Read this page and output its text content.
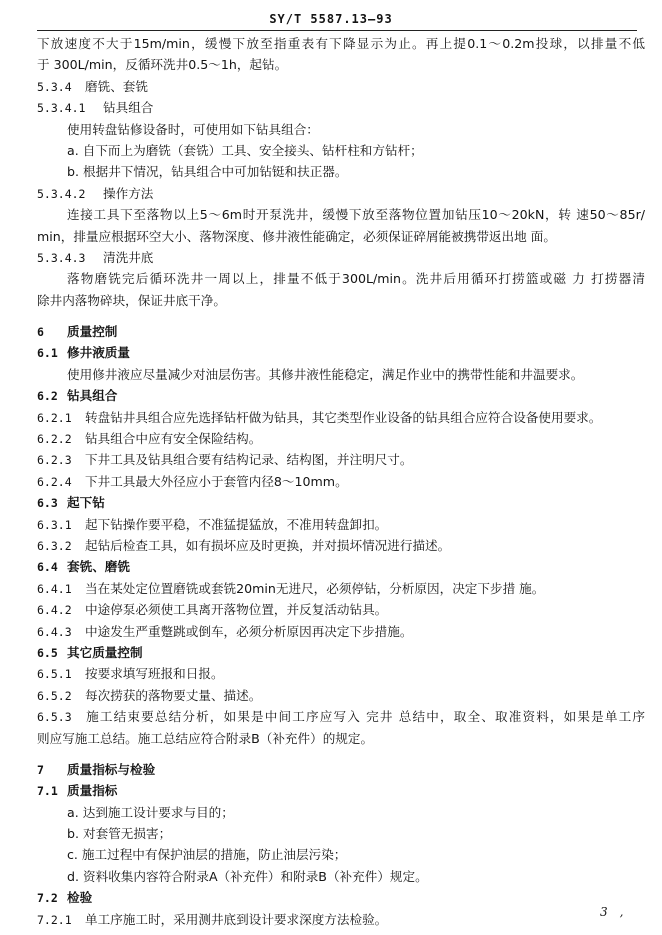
SY/T 5587.13—93
下放速度不大于15m/min，缓慢下放至指重表有下降显示为止。再上提0.1～0.2m投球，以排量不低
于 300L/min，反循环洗井0.5～1h，起钻。
5.3.4 磨铣、套铣
5.3.4.1 钻具组合
使用转盘钻修设备时，可使用如下钻具组合：
a. 自下而上为磨铣（套铣）工具、安全接头、钻杆柱和方钻杆；
b. 根据井下情况，钻具组合中可加钻铤和扶正器。
5.3.4.2 操作方法
连接工具下至落物以上5～6m时开泵洗井，缓慢下放至落物位置加钻压10～20kN，转 速50～85r/
min，排量应根据环空大小、落物深度、修井液性能确定，必须保证碎屑能被携带返出地 面。
5.3.4.3 清洗井底
落物磨铣完后循环洗井一周以上，排量不低于300L/min。洗井后用循环打捞篮或磁 力 打捞器清
除井内落物碎块，保证井底干净。
6 质量控制
6.1 修井液质量
使用修井液应尽量减少对油层伤害。其修井液性能稳定，满足作业中的携带性能和井温要求。
6.2 钻具组合
6.2.1 转盘钻井具组合应先选择钻杆做为钻具，其它类型作业设备的钻具组合应符合设备使用要求。
6.2.2 钻具组合中应有安全保险结构。
6.2.3 下井工具及钻具组合要有结构记录、结构图，并注明尺寸。
6.2.4 下井工具最大外径应小于套管内径8～10mm。
6.3 起下钻
6.3.1 起下钻操作要平稳，不准猛提猛放，不准用转盘卸扣。
6.3.2 起钻后检查工具，如有损坏应及时更换，并对损坏情况进行描述。
6.4 套铣、磨铣
6.4.1 当在某处定位置磨铣或套铣20min无进尺，必须停钻，分析原因，决定下步措 施。
6.4.2 中途停泵必须使工具离开落物位置，并反复活动钻具。
6.4.3 中途发生严重蹩跳或倒车，必须分析原因再决定下步措施。
6.5 其它质量控制
6.5.1 按要求填写班报和日报。
6.5.2 每次捞获的落物要丈量、描述。
6.5.3 施工结束要总结分析，如果是中间工序应写入 完井 总结中，取全、取准资料，如果是单工序
则应写施工总结。施工总结应符合附录B（补充件）的规定。
7 质量指标与检验
7.1 质量指标
a. 达到施工设计要求与目的；
b. 对套管无损害；
c. 施工过程中有保护油层的措施，防止油层污染；
d. 资料收集内容符合附录A（补充件）和附录B（补充件）规定。
7.2 检验
7.2.1 单工序施工时，采用测井底到设计要求深度方法检验。	3　,
